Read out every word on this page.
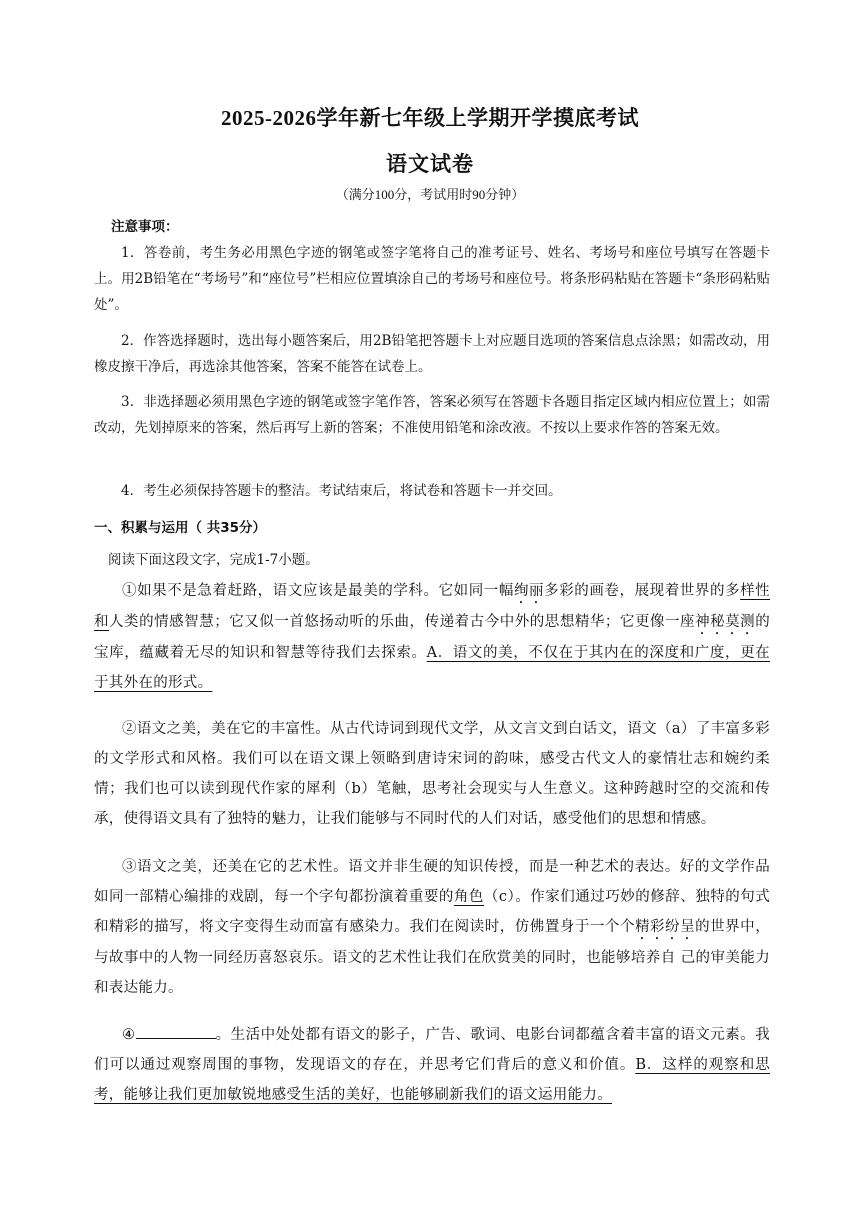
2025-2026学年新七年级上学期开学摸底考试
语文试卷
（满分100分，考试用时90分钟）
注意事项：
1．答卷前，考生务必用黑色字迹的钢笔或签字笔将自己的准考证号、姓名、考场号和座位号填写在答题卡上。用2B铅笔在“考场号”和“座位号”栏相应位置填涂自己的考场号和座位号。将条形码粘贴在答题卡“条形码粘贴处”。
2．作答选择题时，选出每小题答案后，用2B铅笔把答题卡上对应题目选项的答案信息点涂黑；如需改动，用橡皮擦干净后，再选涂其他答案，答案不能答在试卷上。
3．非选择题必须用黑色字迹的钢笔或签字笔作答，答案必须写在答题卡各题目指定区域内相应位置上；如需改动，先划掉原来的答案，然后再写上新的答案；不准使用铅笔和涂改液。不按以上要求作答的答案无效。
4．考生必须保持答题卡的整洁。考试结束后，将试卷和答题卡一并交回。
一、积累与运用（ 共35分）
阅读下面这段文字，完成1-7小题。
①如果不是急着赶路，语文应该是最美的学科。它如同一幅绚丽多彩的画卷，展现着世界的多样性和人类的情感智慧；它又似一首悠扬动听的乐曲，传递着古今中外的思想精华；它更像一座神秘莫测的宝库，蕴藏着无尽的知识和智慧等待我们去探索。A．语文的美，不仅在于其内在的深度和广度，更在于其外在的形式。
②语文之美，美在它的丰富性。从古代诗词到现代文学，从文言文到白话文，语文（a）了丰富多彩的文学形式和风格。我们可以在语文课上领略到唐诗宋词的韵味，感受古代文人的豪情壮志和婉约柔情；我们也可以读到现代作家的犀利（b）笔触，思考社会现实与人生意义。这种跨越时空的交流和传承，使得语文具有了独特的魅力，让我们能够与不同时代的人们对话，感受他们的思想和情感。
③语文之美，还美在它的艺术性。语文并非生硬的知识传授，而是一种艺术的表达。好的文学作品如同一部精心编排的戏剧，每一个字句都扮演着重要的角色（c）。作家们通过巧妙的修辞、独特的句式和精彩的描写，将文字变得生动而富有感染力。我们在阅读时，仿佛置身于一个个精彩纷呈的世界中，与故事中的人物一同经历喜怒哀乐。语文的艺术性让我们在欣赏美的同时，也能够培养自 己的审美能力和表达能力。
④	。生活中处处都有语文的影子，广告、歌词、电影台词都蕴含着丰富的语文元素。我们可以通过观察周围的事物，发现语文的存在，并思考它们背后的意义和价值。B．这样的观察和思考，能够让我们更加敏锐地感受生活的美好，也能够刷新我们的语文运用能力。
